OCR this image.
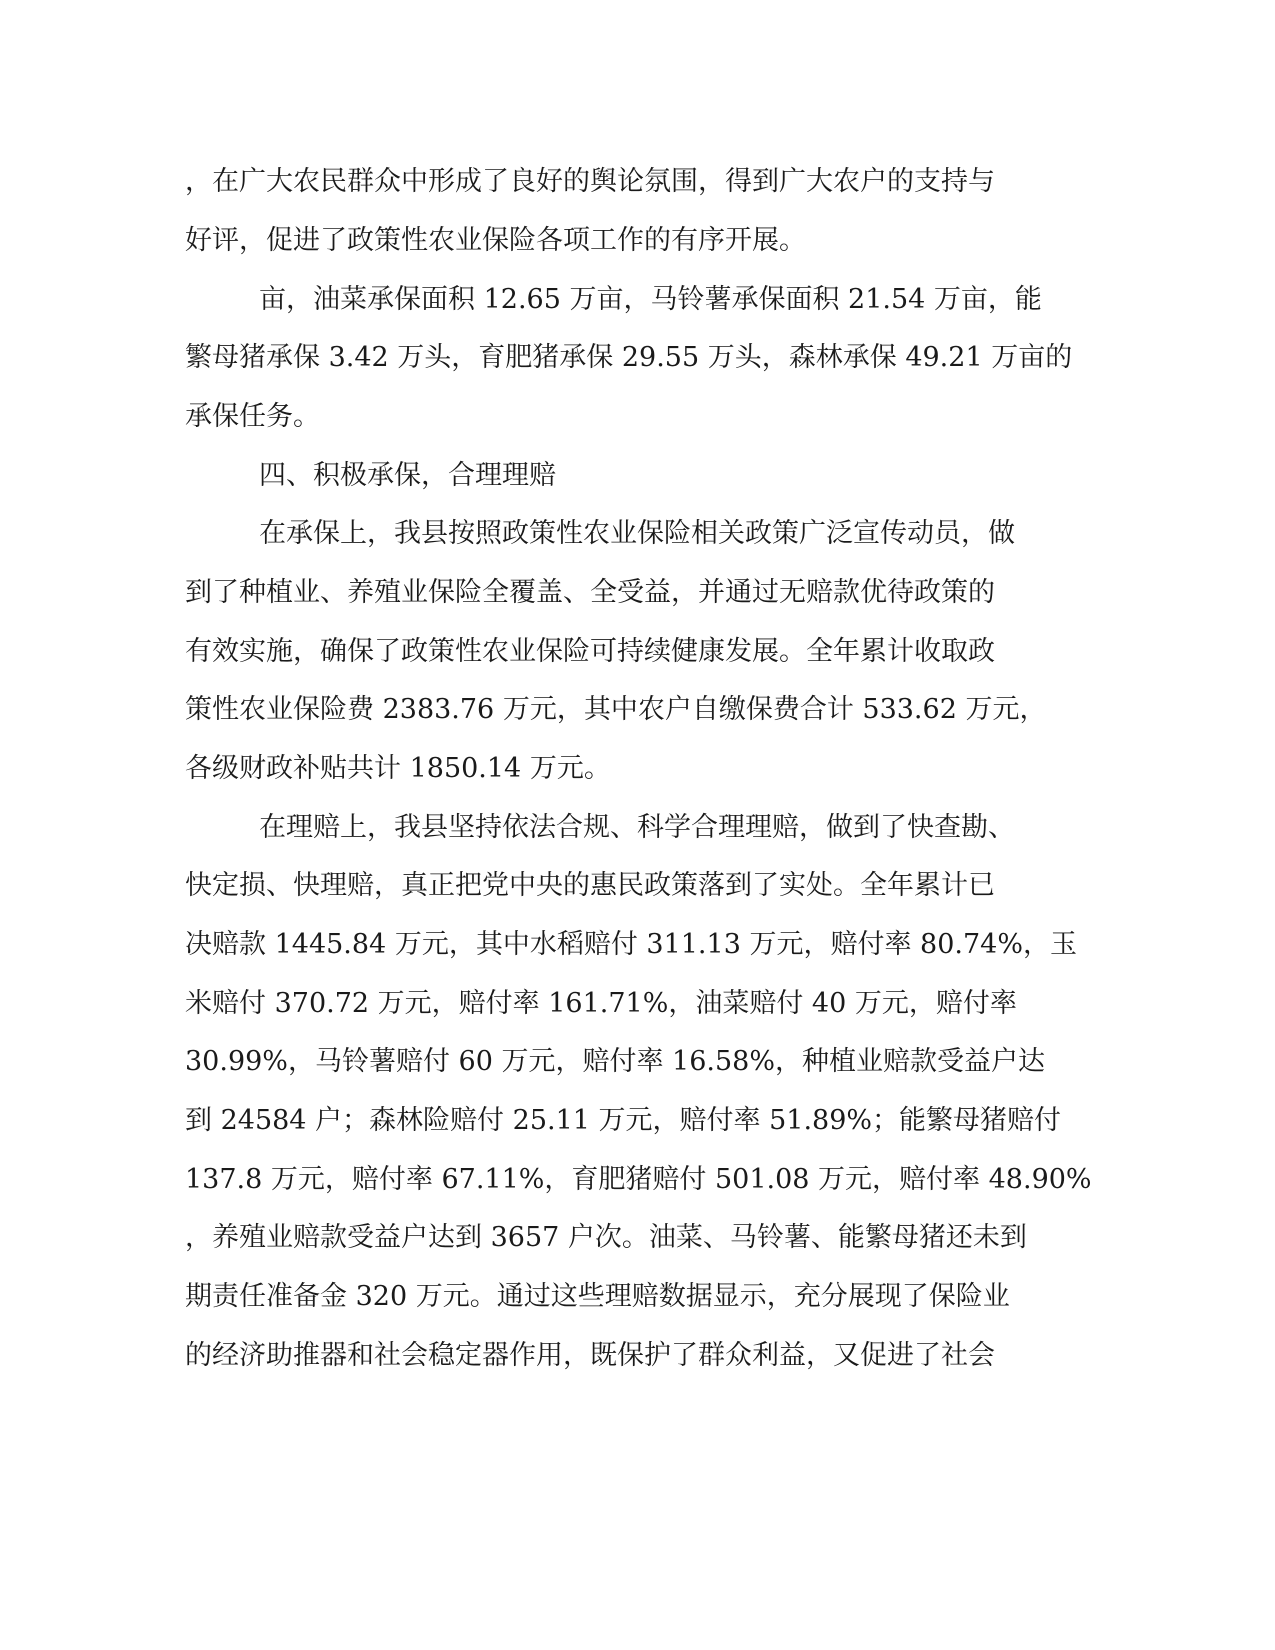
，在广大农民群众中形成了良好的舆论氛围，得到广大农户的支持与
好评，促进了政策性农业保险各项工作的有序开展。
亩，油菜承保面积 12.65 万亩，马铃薯承保面积 21.54 万亩，能
繁母猪承保 3.42 万头，育肥猪承保 29.55 万头，森林承保 49.21 万亩的
承保任务。
四、积极承保，合理理赔
在承保上，我县按照政策性农业保险相关政策广泛宣传动员，做
到了种植业、养殖业保险全覆盖、全受益，并通过无赔款优待政策的
有效实施，确保了政策性农业保险可持续健康发展。全年累计收取政
策性农业保险费 2383.76 万元，其中农户自缴保费合计 533.62 万元，
各级财政补贴共计 1850.14 万元。
在理赔上，我县坚持依法合规、科学合理理赔，做到了快查勘、
快定损、快理赔，真正把党中央的惠民政策落到了实处。全年累计已
决赔款 1445.84 万元，其中水稻赔付 311.13 万元，赔付率 80.74%，玉
米赔付 370.72 万元，赔付率 161.71%，油菜赔付 40 万元，赔付率
30.99%，马铃薯赔付 60 万元，赔付率 16.58%，种植业赔款受益户达
到 24584 户；森林险赔付 25.11 万元，赔付率 51.89%；能繁母猪赔付
137.8 万元，赔付率 67.11%，育肥猪赔付 501.08 万元，赔付率 48.90%
，养殖业赔款受益户达到 3657 户次。油菜、马铃薯、能繁母猪还未到
期责任准备金 320 万元。通过这些理赔数据显示，充分展现了保险业
的经济助推器和社会稳定器作用，既保护了群众利益，又促进了社会
